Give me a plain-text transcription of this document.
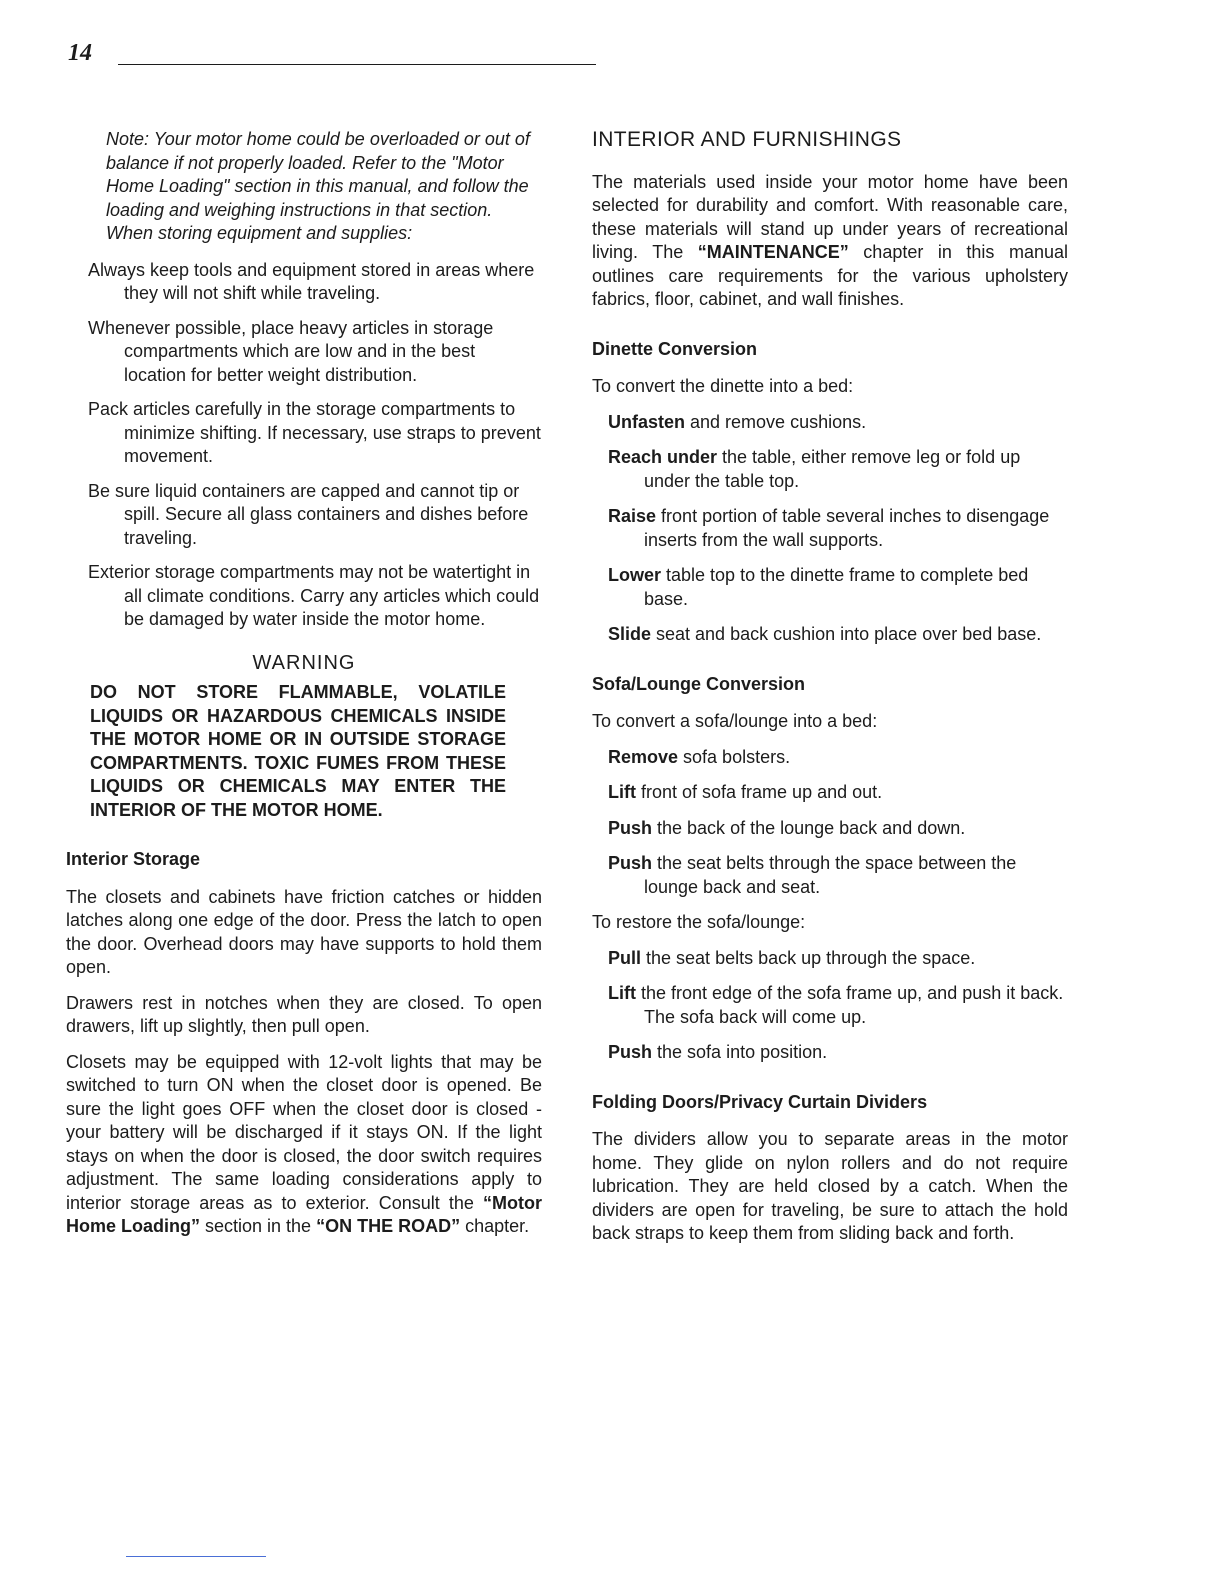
14

Note: Your motor home could be overloaded or out of balance if not properly loaded. Refer to the "Motor Home Loading" section in this manual, and follow the loading and weighing instructions in that section. When storing equipment and supplies:

Always keep tools and equipment stored in areas where they will not shift while traveling.

Whenever possible, place heavy articles in storage compartments which are low and in the best location for better weight distribution.

Pack articles carefully in the storage compartments to minimize shifting. If necessary, use straps to prevent movement.

Be sure liquid containers are capped and cannot tip or spill. Secure all glass containers and dishes before traveling.

Exterior storage compartments may not be watertight in all climate conditions. Carry any articles which could be damaged by water inside the motor home.

WARNING

DO NOT STORE FLAMMABLE, VOLATILE LIQUIDS OR HAZARDOUS CHEMICALS INSIDE THE MOTOR HOME OR IN OUTSIDE STORAGE COMPARTMENTS. TOXIC FUMES FROM THESE LIQUIDS OR CHEMICALS MAY ENTER THE INTERIOR OF THE MOTOR HOME.

Interior Storage

The closets and cabinets have friction catches or hidden latches along one edge of the door. Press the latch to open the door. Overhead doors may have supports to hold them open.

Drawers rest in notches when they are closed. To open drawers, lift up slightly, then pull open.

Closets may be equipped with 12-volt lights that may be switched to turn ON when the closet door is opened. Be sure the light goes OFF when the closet door is closed - your battery will be discharged if it stays ON. If the light stays on when the door is closed, the door switch requires adjustment. The same loading considerations apply to interior storage areas as to exterior. Consult the “Motor Home Loading” section in the “ON THE ROAD” chapter.

INTERIOR AND FURNISHINGS

The materials used inside your motor home have been selected for durability and comfort. With reasonable care, these materials will stand up under years of recreational living. The “MAINTENANCE” chapter in this manual outlines care requirements for the various upholstery fabrics, floor, cabinet, and wall finishes.

Dinette Conversion

To convert the dinette into a bed:

Unfasten and remove cushions.

Reach under the table, either remove leg or fold up under the table top.

Raise front portion of table several inches to disengage inserts from the wall supports.

Lower table top to the dinette frame to complete bed base.

Slide seat and back cushion into place over bed base.

Sofa/Lounge Conversion

To convert a sofa/lounge into a bed:

Remove sofa bolsters.

Lift front of sofa frame up and out.

Push the back of the lounge back and down.

Push the seat belts through the space between the lounge back and seat.

To restore the sofa/lounge:

Pull the seat belts back up through the space.

Lift the front edge of the sofa frame up, and push it back. The sofa back will come up.

Push the sofa into position.

Folding Doors/Privacy Curtain Dividers

The dividers allow you to separate areas in the motor home. They glide on nylon rollers and do not require lubrication. They are held closed by a catch. When the dividers are open for traveling, be sure to attach the hold back straps to keep them from sliding back and forth.
